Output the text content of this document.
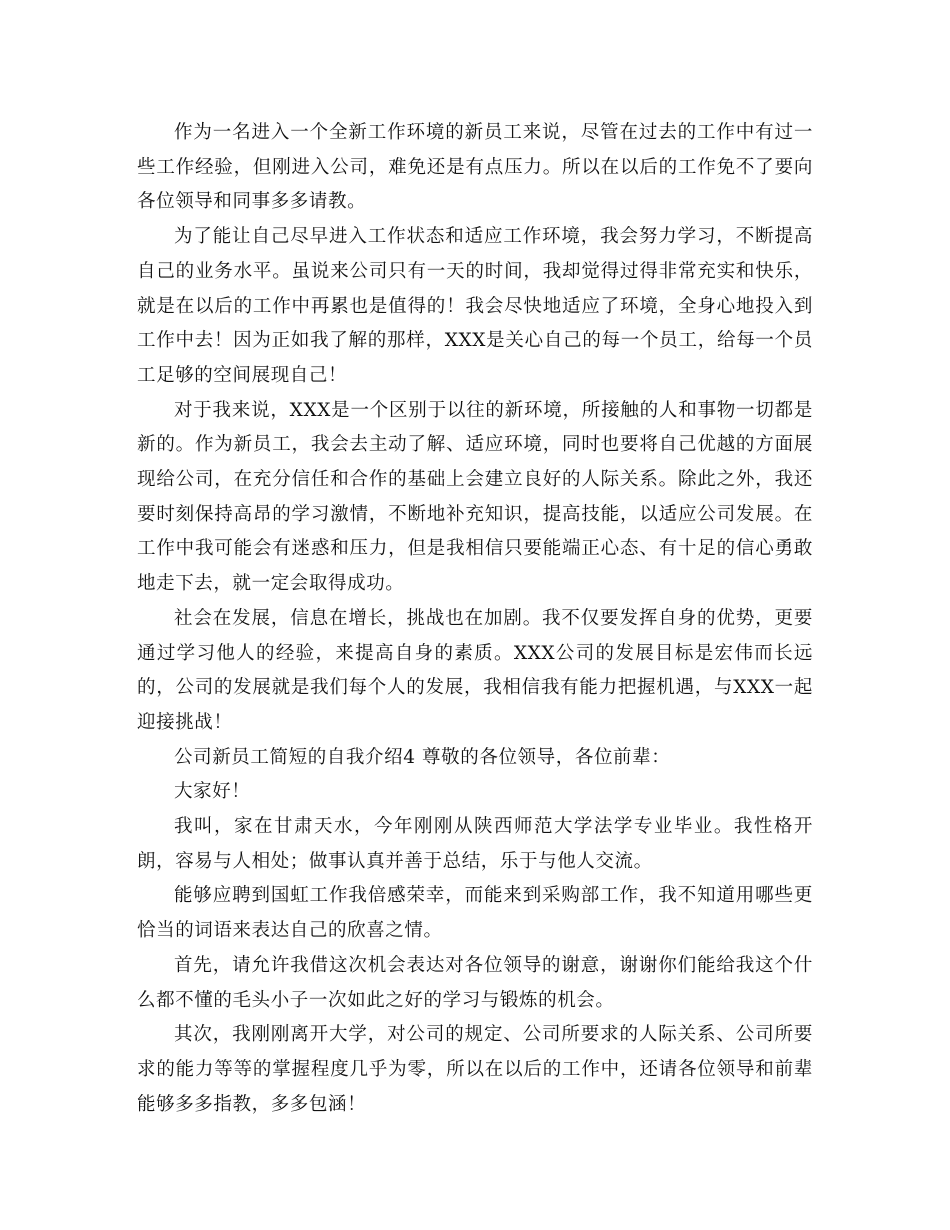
作为一名进入一个全新工作环境的新员工来说，尽管在过去的工作中有过一些工作经验，但刚进入公司，难免还是有点压力。所以在以后的工作免不了要向各位领导和同事多多请教。

为了能让自己尽早进入工作状态和适应工作环境，我会努力学习，不断提高自己的业务水平。虽说来公司只有一天的时间，我却觉得过得非常充实和快乐，就是在以后的工作中再累也是值得的！我会尽快地适应了环境，全身心地投入到工作中去！因为正如我了解的那样，XXX是关心自己的每一个员工，给每一个员工足够的空间展现自己！

对于我来说，XXX是一个区别于以往的新环境，所接触的人和事物一切都是新的。作为新员工，我会去主动了解、适应环境，同时也要将自己优越的方面展现给公司，在充分信任和合作的基础上会建立良好的人际关系。除此之外，我还要时刻保持高昂的学习激情，不断地补充知识，提高技能，以适应公司发展。在工作中我可能会有迷惑和压力，但是我相信只要能端正心态、有十足的信心勇敢地走下去，就一定会取得成功。

社会在发展，信息在增长，挑战也在加剧。我不仅要发挥自身的优势，更要通过学习他人的经验，来提高自身的素质。XXX公司的发展目标是宏伟而长远的，公司的发展就是我们每个人的发展，我相信我有能力把握机遇，与XXX一起迎接挑战！

公司新员工简短的自我介绍4 尊敬的各位领导，各位前辈：

大家好！

我叫，家在甘肃天水，今年刚刚从陕西师范大学法学专业毕业。我性格开朗，容易与人相处；做事认真并善于总结，乐于与他人交流。

能够应聘到国虹工作我倍感荣幸，而能来到采购部工作，我不知道用哪些更恰当的词语来表达自己的欣喜之情。

首先，请允许我借这次机会表达对各位领导的谢意，谢谢你们能给我这个什么都不懂的毛头小子一次如此之好的学习与锻炼的机会。

其次，我刚刚离开大学，对公司的规定、公司所要求的人际关系、公司所要求的能力等等的掌握程度几乎为零，所以在以后的工作中，还请各位领导和前辈能够多多指教，多多包涵！
